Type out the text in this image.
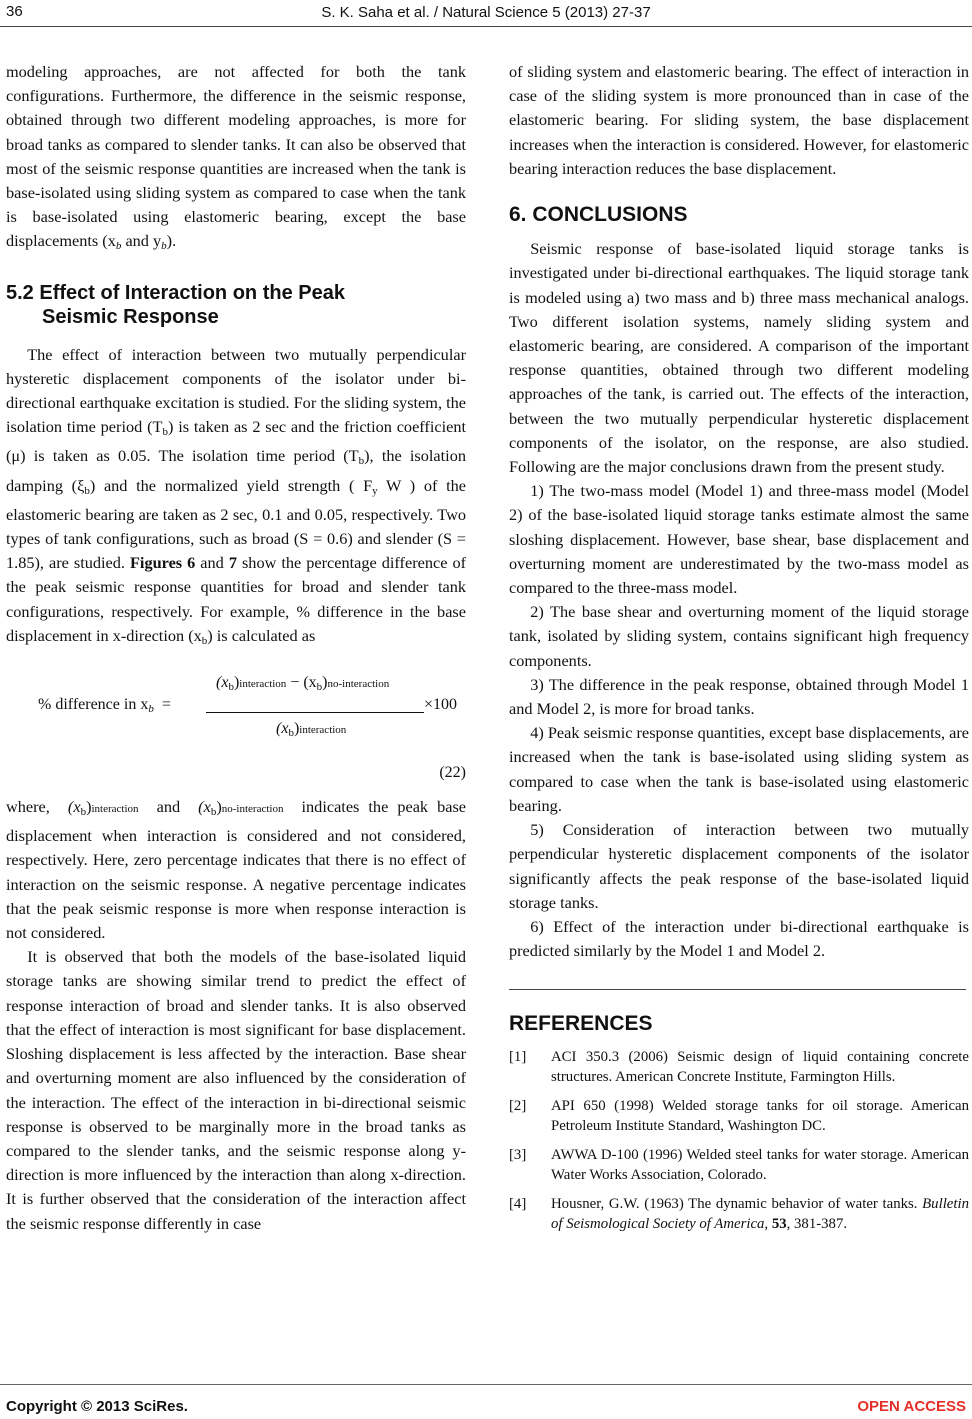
36	S. K. Saha et al. / Natural Science 5 (2013) 27-37

modeling approaches, are not affected for both the tank configurations. Furthermore, the difference in the seismic response, obtained through two different modeling approaches, is more for broad tanks as compared to slender tanks. It can also be observed that most of the seismic response quantities are increased when the tank is base-isolated using sliding system as compared to case when the tank is base-isolated using elastomeric bearing, except the base displacements ($x_b$ and $y_b$).

5.2 Effect of Interaction on the Peak
Seismic Response

The effect of interaction between two mutually perpendicular hysteretic displacement components of the isolator under bi-directional earthquake excitation is studied. For the sliding system, the isolation time period $(T_b)$ is taken as 2 sec and the friction coefficient (μ) is taken as 0.05. The isolation time period $(T_b)$, the isolation damping $(\xi_b)$ and the normalized yield strength ( $F_y$ W ) of the elastomeric bearing are taken as 2 sec, 0.1 and 0.05, respectively. Two types of tank configurations, such as broad (S = 0.6) and slender (S = 1.85), are studied. Figures 6 and 7 show the percentage difference of the peak seismic response quantities for broad and slender tank configurations, respectively. For example, % difference in the base displacement in x-direction $(x_b)$ is calculated as

% difference in $x_b$ =
$(x_b)interaction$ − $(x_b)no$-interaction
$(x_b)interaction$
×100
(22)

where, $(x_b)interaction$ and $(x_b)no$-interaction indicates the peak base displacement when interaction is considered and not considered, respectively. Here, zero percentage indicates that there is no effect of interaction on the seismic response. A negative percentage indicates that the peak seismic response is more when response interaction is not considered.

It is observed that both the models of the base-isolated liquid storage tanks are showing similar trend to predict the effect of response interaction of broad and slender tanks. It is also observed that the effect of interaction is most significant for base displacement. Sloshing displacement is less affected by the interaction. Base shear and overturning moment are also influenced by the consideration of the interaction. The effect of the interaction in bi-directional seismic response is observed to be marginally more in the broad tanks as compared to the slender tanks, and the seismic response along y- direction is more influenced by the interaction than along x-direction. It is further observed that the consideration of the interaction affect the seismic response differently in case

of sliding system and elastomeric bearing. The effect of interaction in case of the sliding system is more pronounced than in case of the elastomeric bearing. For sliding system, the base displacement increases when the interaction is considered. However, for elastomeric bearing interaction reduces the base displacement.

6. CONCLUSIONS

Seismic response of base-isolated liquid storage tanks is investigated under bi-directional earthquakes. The liquid storage tank is modeled using a) two mass and b) three mass mechanical analogs. Two different isolation systems, namely sliding system and elastomeric bearing, are considered. A comparison of the important response quantities, obtained through two different modeling approaches of the tank, is carried out. The effects of the interaction, between the two mutually perpendicular hysteretic displacement components of the isolator, on the response, are also studied. Following are the major conclusions drawn from the present study.

1) The two-mass model (Model 1) and three-mass model (Model 2) of the base-isolated liquid storage tanks estimate almost the same sloshing displacement. However, base shear, base displacement and overturning moment are underestimated by the two-mass model as compared to the three-mass model.

2) The base shear and overturning moment of the liquid storage tank, isolated by sliding system, contains significant high frequency components.

3) The difference in the peak response, obtained through Model 1 and Model 2, is more for broad tanks.

4) Peak seismic response quantities, except base displacements, are increased when the tank is base-isolated using sliding system as compared to case when the tank is base-isolated using elastomeric bearing.

5) Consideration of interaction between two mutually perpendicular hysteretic displacement components of the isolator significantly affects the peak response of the base-isolated liquid storage tanks.

6) Effect of the interaction under bi-directional earthquake is predicted similarly by the Model 1 and Model 2.

REFERENCES
[1] ACI 350.3 (2006) Seismic design of liquid containing concrete structures. American Concrete Institute, Farmington Hills.
[2] API 650 (1998) Welded storage tanks for oil storage. American Petroleum Institute Standard, Washington DC.
[3] AWWA D-100 (1996) Welded steel tanks for water storage. American Water Works Association, Colorado.
[4] Housner, G.W. (1963) The dynamic behavior of water tanks. Bulletin of Seismological Society of America, 53, 381-387.
Copyright © 2013 SciRes.	OPEN ACCESS
